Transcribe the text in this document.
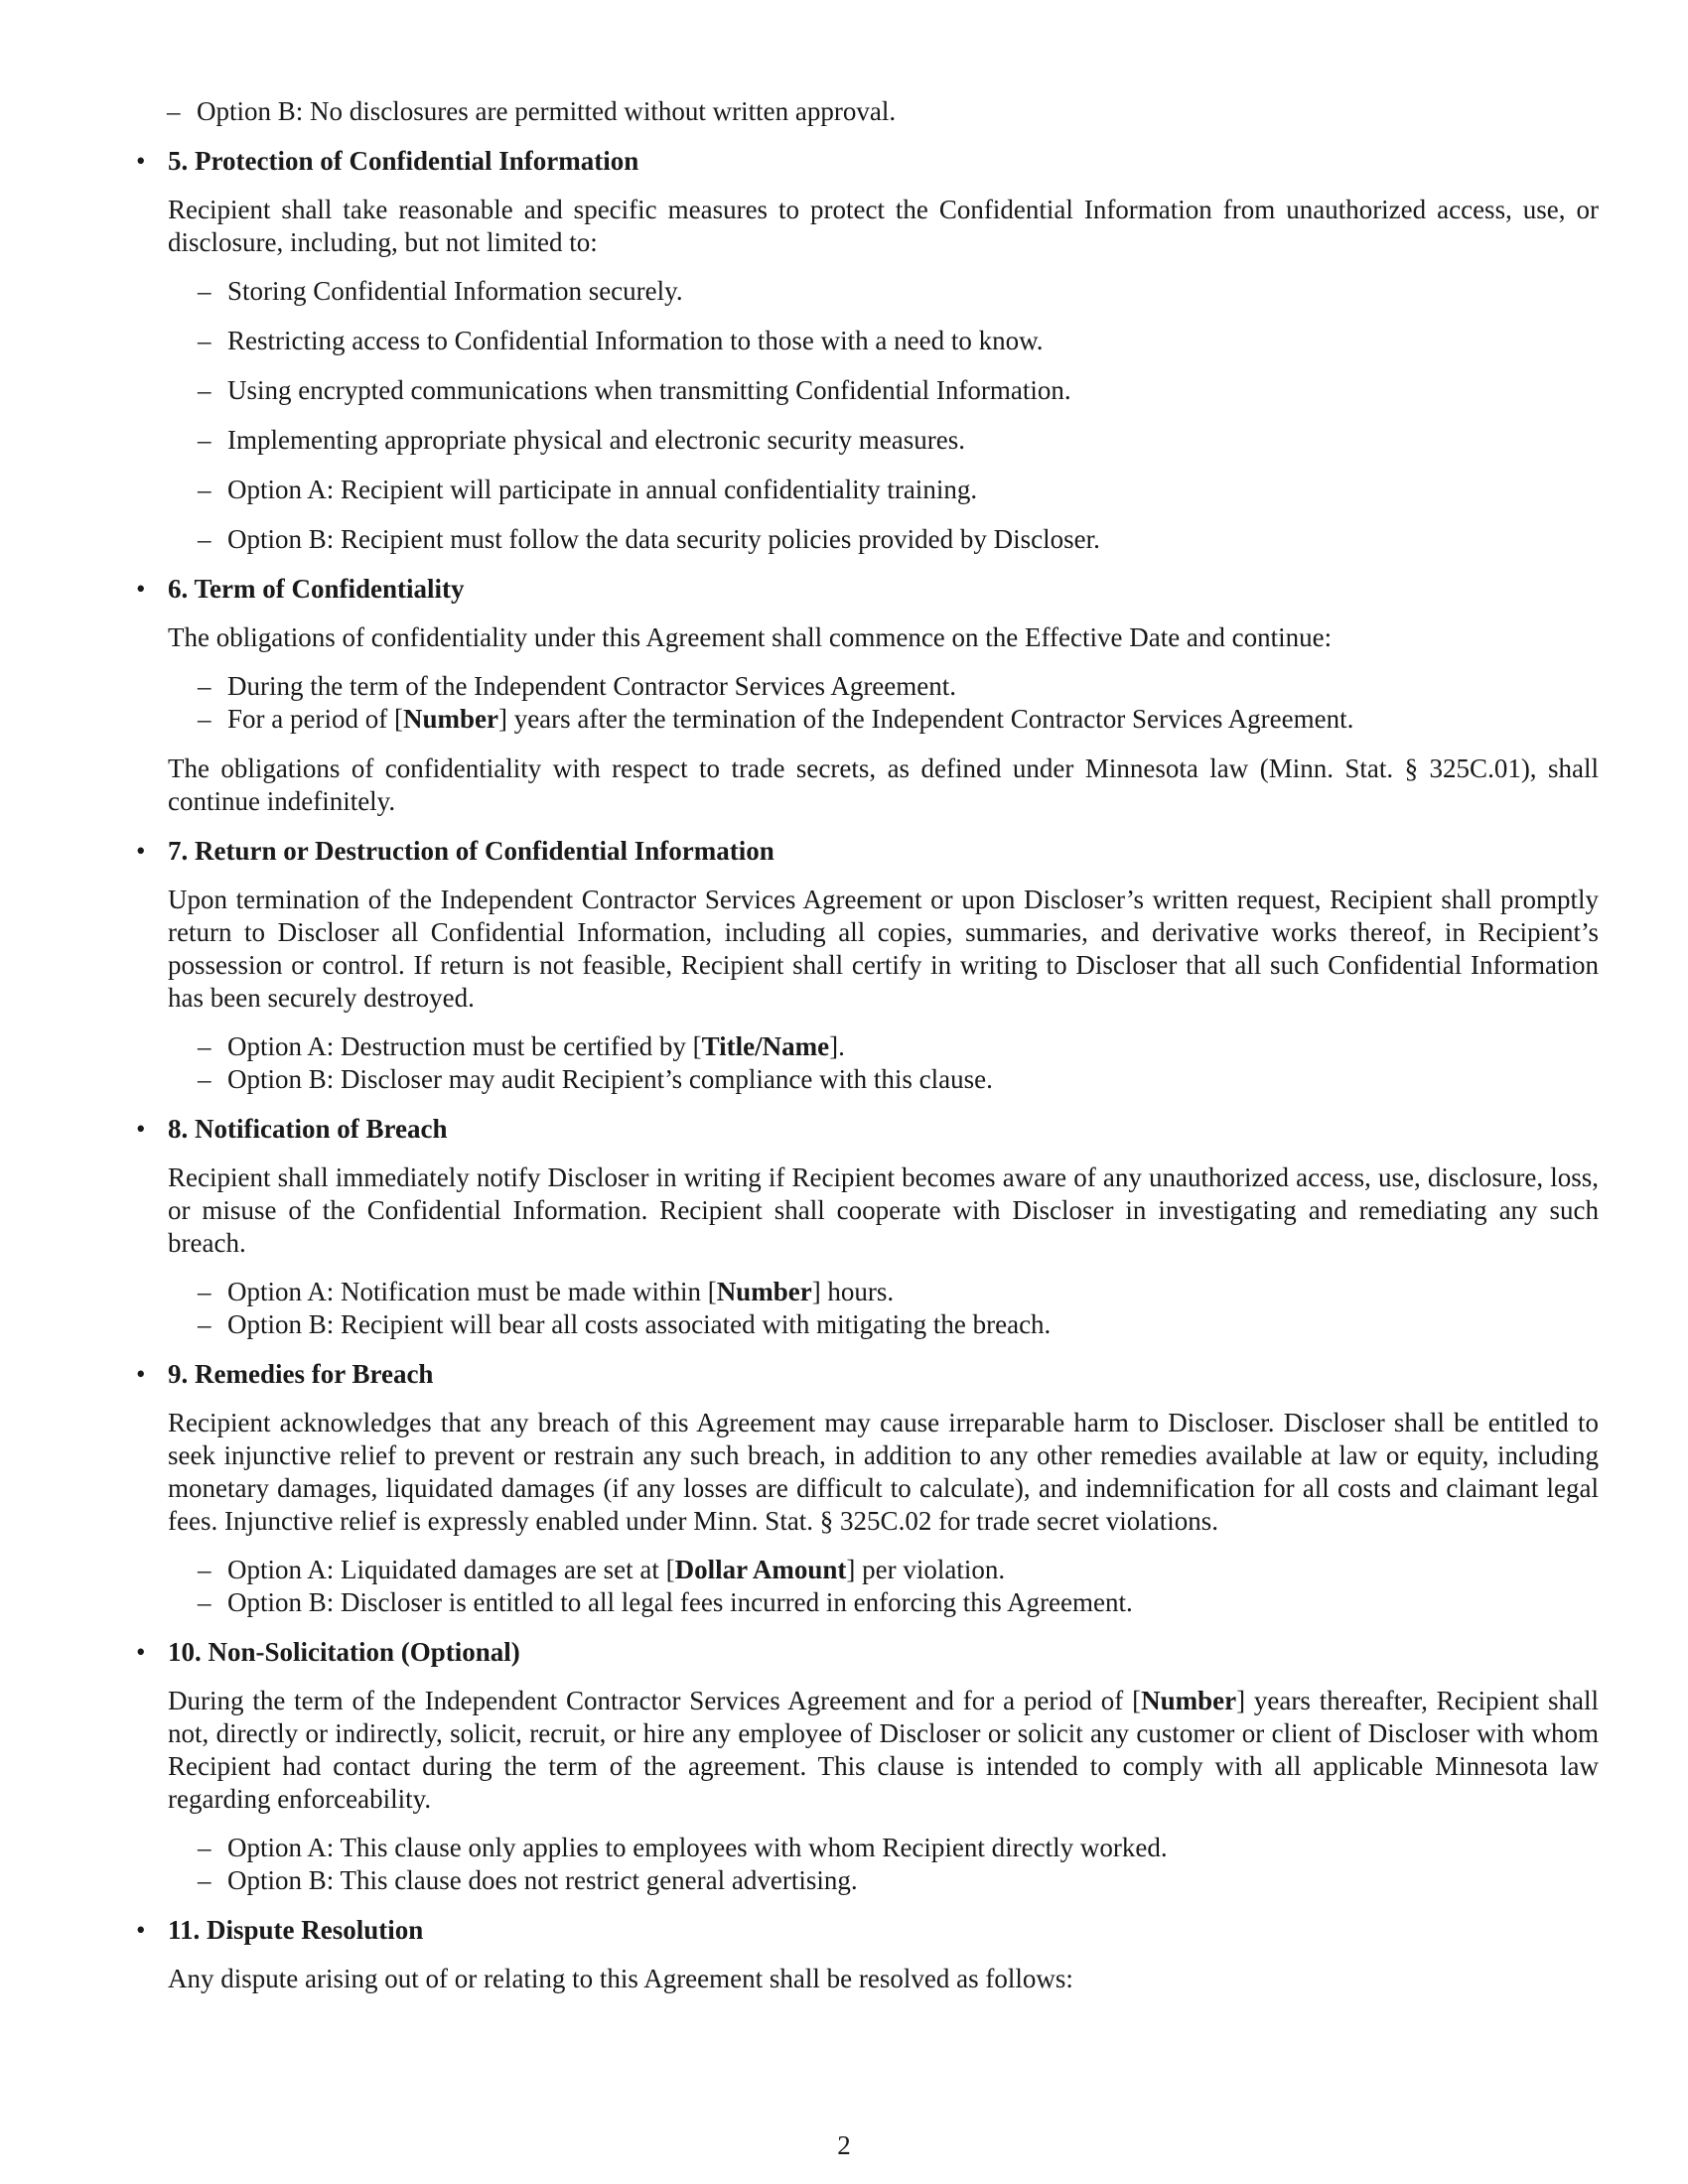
– Option B: No disclosures are permitted without written approval.
• 5. Protection of Confidential Information

Recipient shall take reasonable and specific measures to protect the Confidential Information from unauthorized access, use, or disclosure, including, but not limited to:

– Storing Confidential Information securely.
– Restricting access to Confidential Information to those with a need to know.
– Using encrypted communications when transmitting Confidential Information.
– Implementing appropriate physical and electronic security measures.
– Option A: Recipient will participate in annual confidentiality training.
– Option B: Recipient must follow the data security policies provided by Discloser.
• 6. Term of Confidentiality

The obligations of confidentiality under this Agreement shall commence on the Effective Date and continue:

– During the term of the Independent Contractor Services Agreement.
– For a period of [Number] years after the termination of the Independent Contractor Services Agreement.

The obligations of confidentiality with respect to trade secrets, as defined under Minnesota law (Minn. Stat. § 325C.01), shall continue indefinitely.

• 7. Return or Destruction of Confidential Information

Upon termination of the Independent Contractor Services Agreement or upon Discloser’s written request, Recipient shall promptly return to Discloser all Confidential Information, including all copies, summaries, and derivative works thereof, in Recipient’s possession or control. If return is not feasible, Recipient shall certify in writing to Discloser that all such Confidential Information has been securely destroyed.

– Option A: Destruction must be certified by [Title/Name].
– Option B: Discloser may audit Recipient’s compliance with this clause.
• 8. Notification of Breach

Recipient shall immediately notify Discloser in writing if Recipient becomes aware of any unauthorized access, use, disclosure, loss, or misuse of the Confidential Information. Recipient shall cooperate with Discloser in investigating and remediating any such breach.

– Option A: Notification must be made within [Number] hours.
– Option B: Recipient will bear all costs associated with mitigating the breach.
• 9. Remedies for Breach

Recipient acknowledges that any breach of this Agreement may cause irreparable harm to Discloser. Discloser shall be entitled to seek injunctive relief to prevent or restrain any such breach, in addition to any other remedies available at law or equity, including monetary damages, liquidated damages (if any losses are difficult to calculate), and indemnification for all costs and claimant legal fees. Injunctive relief is expressly enabled under Minn. Stat. § 325C.02 for trade secret violations.

– Option A: Liquidated damages are set at [Dollar Amount] per violation.
– Option B: Discloser is entitled to all legal fees incurred in enforcing this Agreement.
• 10. Non-Solicitation (Optional)

During the term of the Independent Contractor Services Agreement and for a period of [Number] years thereafter, Recipient shall not, directly or indirectly, solicit, recruit, or hire any employee of Discloser or solicit any customer or client of Discloser with whom Recipient had contact during the term of the agreement. This clause is intended to comply with all applicable Minnesota law regarding enforceability.

– Option A: This clause only applies to employees with whom Recipient directly worked.
– Option B: This clause does not restrict general advertising.
• 11. Dispute Resolution

Any dispute arising out of or relating to this Agreement shall be resolved as follows:

2
